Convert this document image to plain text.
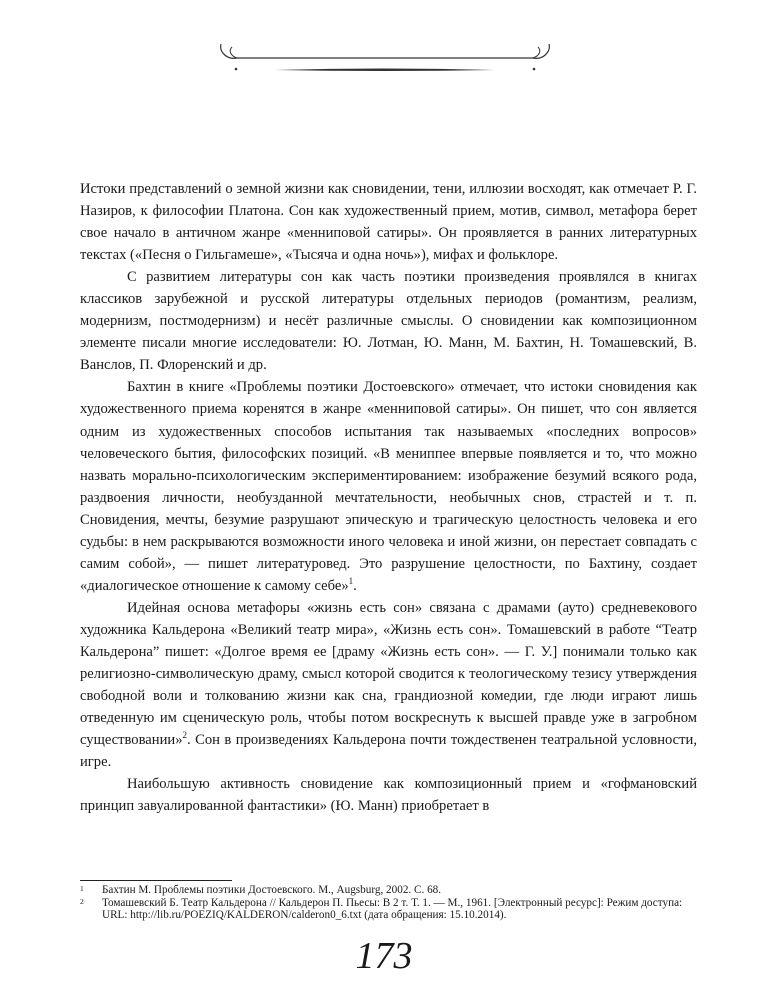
Истоки представлений о земной жизни как сновидении, тени, иллюзии восходят, как отмечает Р. Г. Назиров, к философии Платона. Сон как художественный прием, мотив, символ, метафора берет свое начало в античном жанре «менниповой сатиры». Он проявляется в ранних литературных текстах («Песня о Гильгамеше», «Тысяча и одна ночь»), мифах и фольклоре.

С развитием литературы сон как часть поэтики произведения проявлялся в книгах классиков зарубежной и русской литературы отдельных периодов (романтизм, реализм, модернизм, постмодернизм) и несёт различные смыслы. О сновидении как композиционном элементе писали многие исследователи: Ю. Лотман, Ю. Манн, М. Бахтин, Н. Томашевский, В. Ванслов, П. Флоренский и др.

Бахтин в книге «Проблемы поэтики Достоевского» отмечает, что истоки сновидения как художественного приема коренятся в жанре «менниповой сатиры». Он пишет, что сон является одним из художественных способов испытания так называемых «последних вопросов» человеческого бытия, философских позиций. «В мениппее впервые появляется и то, что можно назвать морально-психологическим экспериментированием: изображение безумий всякого рода, раздвоения личности, необузданной мечтательности, необычных снов, страстей и т. п. Сновидения, мечты, безумие разрушают эпическую и трагическую целостность человека и его судьбы: в нем раскрываются возможности иного человека и иной жизни, он перестает совпадать с самим собой», — пишет литературовед. Это разрушение целостности, по Бахтину, создает «диалогическое отношение к самому себе»$^1$.

Идейная основа метафоры «жизнь есть сон» связана с драмами (ауто) средневекового художника Кальдерона «Великий театр мира», «Жизнь есть сон». Томашевский в работе “Театр Кальдерона” пишет: «Долгое время ее [драму «Жизнь есть сон». — Г. У.] понимали только как религиозно-символическую драму, смысл которой сводится к теологическому тезису утверждения свободной воли и толкованию жизни как сна, грандиозной комедии, где люди играют лишь отведенную им сценическую роль, чтобы потом воскреснуть к высшей правде уже в загробном существовании»$^2$. Сон в произведениях Кальдерона почти тождественен театральной условности, игре.

Наибольшую активность сновидение как композиционный прием и «гофмановский принцип завуалированной фантастики» (Ю. Манн) приобретает в

1	Бахтин М. Проблемы поэтики Достоевского. М., Augsburg, 2002. С. 68.
2	Томашевский Б. Театр Кальдерона // Кальдерон П. Пьесы: В 2 т. Т. 1. — М., 1961. [Электронный ресурс]: Режим доступа: URL: http://lib.ru/POEZIQ/KALDERON/calderon0_6.txt (дата обращения: 15.10.2014).
173
